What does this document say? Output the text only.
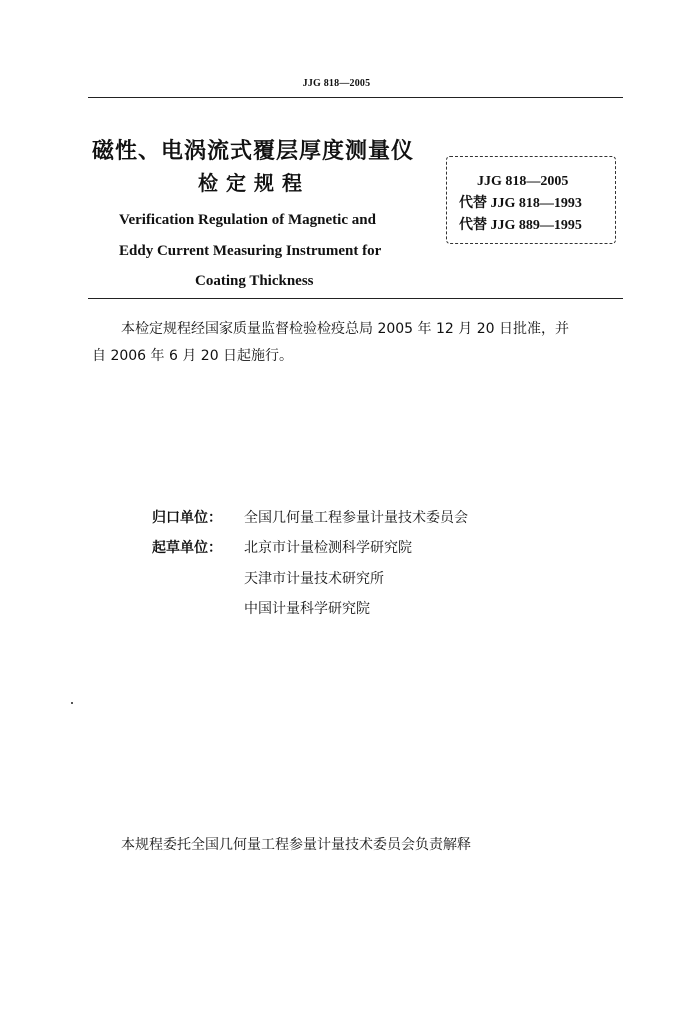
JJG 818—2005
磁性、电涡流式覆层厚度测量仪
检定规程
Verification Regulation of Magnetic and
Eddy Current Measuring Instrument for
Coating Thickness
JJG 818—2005
代替 JJG 818—1993
代替 JJG 889—1995
本检定规程经国家质量监督检验检疫总局 2005 年 12 月 20 日批准，并
自 2006 年 6 月 20 日起施行。
归口单位： 全国几何量工程参量计量技术委员会
起草单位： 北京市计量检测科学研究院
天津市计量技术研究所
中国计量科学研究院
本规程委托全国几何量工程参量计量技术委员会负责解释
